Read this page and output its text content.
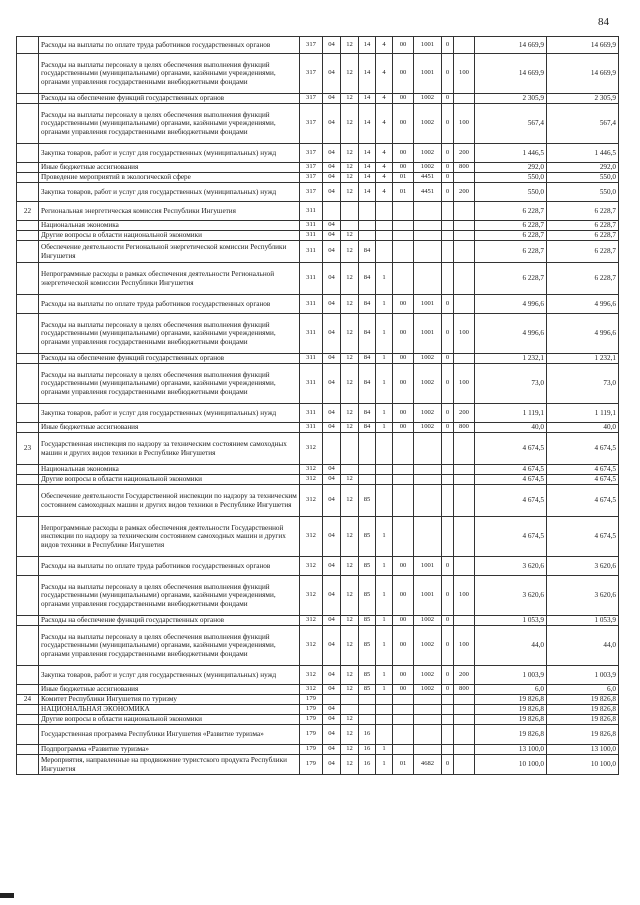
84
	Расходы на выплаты по оплате труда работников государственных органов	317	04	12	14	4	00	1001	0		14 669,9	14 669,9
	Расходы на выплаты персоналу в целях обеспечения выполнения функций государственными (муниципальными) органами, казёнными учреждениями, органами управления государственными внебюджетными фондами	317	04	12	14	4	00	1001	0	100	14 669,9	14 669,9
	Расходы на обеспечение функций государственных органов	317	04	12	14	4	00	1002	0		2 305,9	2 305,9
	Расходы на выплаты персоналу в целях обеспечения выполнения функций государственными (муниципальными) органами, казёнными учреждениями, органами управления государственными внебюджетными фондами	317	04	12	14	4	00	1002	0	100	567,4	567,4
	Закупка товаров, работ и услуг для государственных (муниципальных) нужд	317	04	12	14	4	00	1002	0	200	1 446,5	1 446,5
	Иные бюджетные ассигнования	317	04	12	14	4	00	1002	0	800	292,0	292,0
	Проведение мероприятий в экологической сфере	317	04	12	14	4	01	4451	0		550,0	550,0
	Закупка товаров, работ и услуг для государственных (муниципальных) нужд	317	04	12	14	4	01	4451	0	200	550,0	550,0
22	Региональная энергетическая комиссия Республики Ингушетия	311									6 228,7	6 228,7
	Национальная экономика	311	04								6 228,7	6 228,7
	Другие вопросы в области национальной экономики	311	04	12							6 228,7	6 228,7
	Обеспечение деятельности Региональной энергетической комиссии Республики Ингушетия	311	04	12	84						6 228,7	6 228,7
	Непрограммные расходы в рамках обеспечения деятельности Региональной энергетической комиссии Республики Ингушетия	311	04	12	84	1					6 228,7	6 228,7
	Расходы на выплаты по оплате труда работников государственных органов	311	04	12	84	1	00	1001	0		4 996,6	4 996,6
	Расходы на выплаты персоналу в целях обеспечения выполнения функций государственными (муниципальными) органами, казёнными учреждениями, органами управления государственными внебюджетными фондами	311	04	12	84	1	00	1001	0	100	4 996,6	4 996,6
	Расходы на обеспечение функций государственных органов	311	04	12	84	1	00	1002	0		1 232,1	1 232,1
	Расходы на выплаты персоналу в целях обеспечения выполнения функций государственными (муниципальными) органами, казёнными учреждениями, органами управления государственными внебюджетными фондами	311	04	12	84	1	00	1002	0	100	73,0	73,0
	Закупка товаров, работ и услуг для государственных (муниципальных) нужд	311	04	12	84	1	00	1002	0	200	1 119,1	1 119,1
	Иные бюджетные ассигнования	311	04	12	84	1	00	1002	0	800	40,0	40,0
23	Государственная инспекция по надзору за техническим состоянием самоходных машин и других видов техники в Республике Ингушетия	312									4 674,5	4 674,5
	Национальная экономика	312	04								4 674,5	4 674,5
	Другие вопросы в области национальной экономики	312	04	12							4 674,5	4 674,5
	Обеспечение деятельности Государственной инспекции по надзору за техническим состоянием самоходных машин и других видов техники в Республике Ингушетия	312	04	12	85						4 674,5	4 674,5
	Непрограммные расходы в рамках обеспечения деятельности Государственной инспекции по надзору за техническим состоянием самоходных машин и других видов техники в Республике Ингушетия	312	04	12	85	1					4 674,5	4 674,5
	Расходы на выплаты по оплате труда работников государственных органов	312	04	12	85	1	00	1001	0		3 620,6	3 620,6
	Расходы на выплаты персоналу в целях обеспечения выполнения функций государственными (муниципальными) органами, казёнными учреждениями, органами управления государственными внебюджетными фондами	312	04	12	85	1	00	1001	0	100	3 620,6	3 620,6
	Расходы на обеспечение функций государственных органов	312	04	12	85	1	00	1002	0		1 053,9	1 053,9
	Расходы на выплаты персоналу в целях обеспечения выполнения функций государственными (муниципальными) органами, казёнными учреждениями, органами управления государственными внебюджетными фондами	312	04	12	85	1	00	1002	0	100	44,0	44,0
	Закупка товаров, работ и услуг для государственных (муниципальных) нужд	312	04	12	85	1	00	1002	0	200	1 003,9	1 003,9
	Иные бюджетные ассигнования	312	04	12	85	1	00	1002	0	800	6,0	6,0
24	Комитет Республики Ингушетия по туризму	179									19 826,8	19 826,8
	НАЦИОНАЛЬНАЯ ЭКОНОМИКА	179	04								19 826,8	19 826,8
	Другие вопросы в области национальной экономики	179	04	12							19 826,8	19 826,8
	Государственная программа Республики Ингушетия «Развитие туризма»	179	04	12	16						19 826,8	19 826,8
	Подпрограмма «Развитие туризма»	179	04	12	16	1					13 100,0	13 100,0
	Мероприятия, направленные на продвижение туристского продукта Республики Ингушетия	179	04	12	16	1	01	4682	0		10 100,0	10 100,0
